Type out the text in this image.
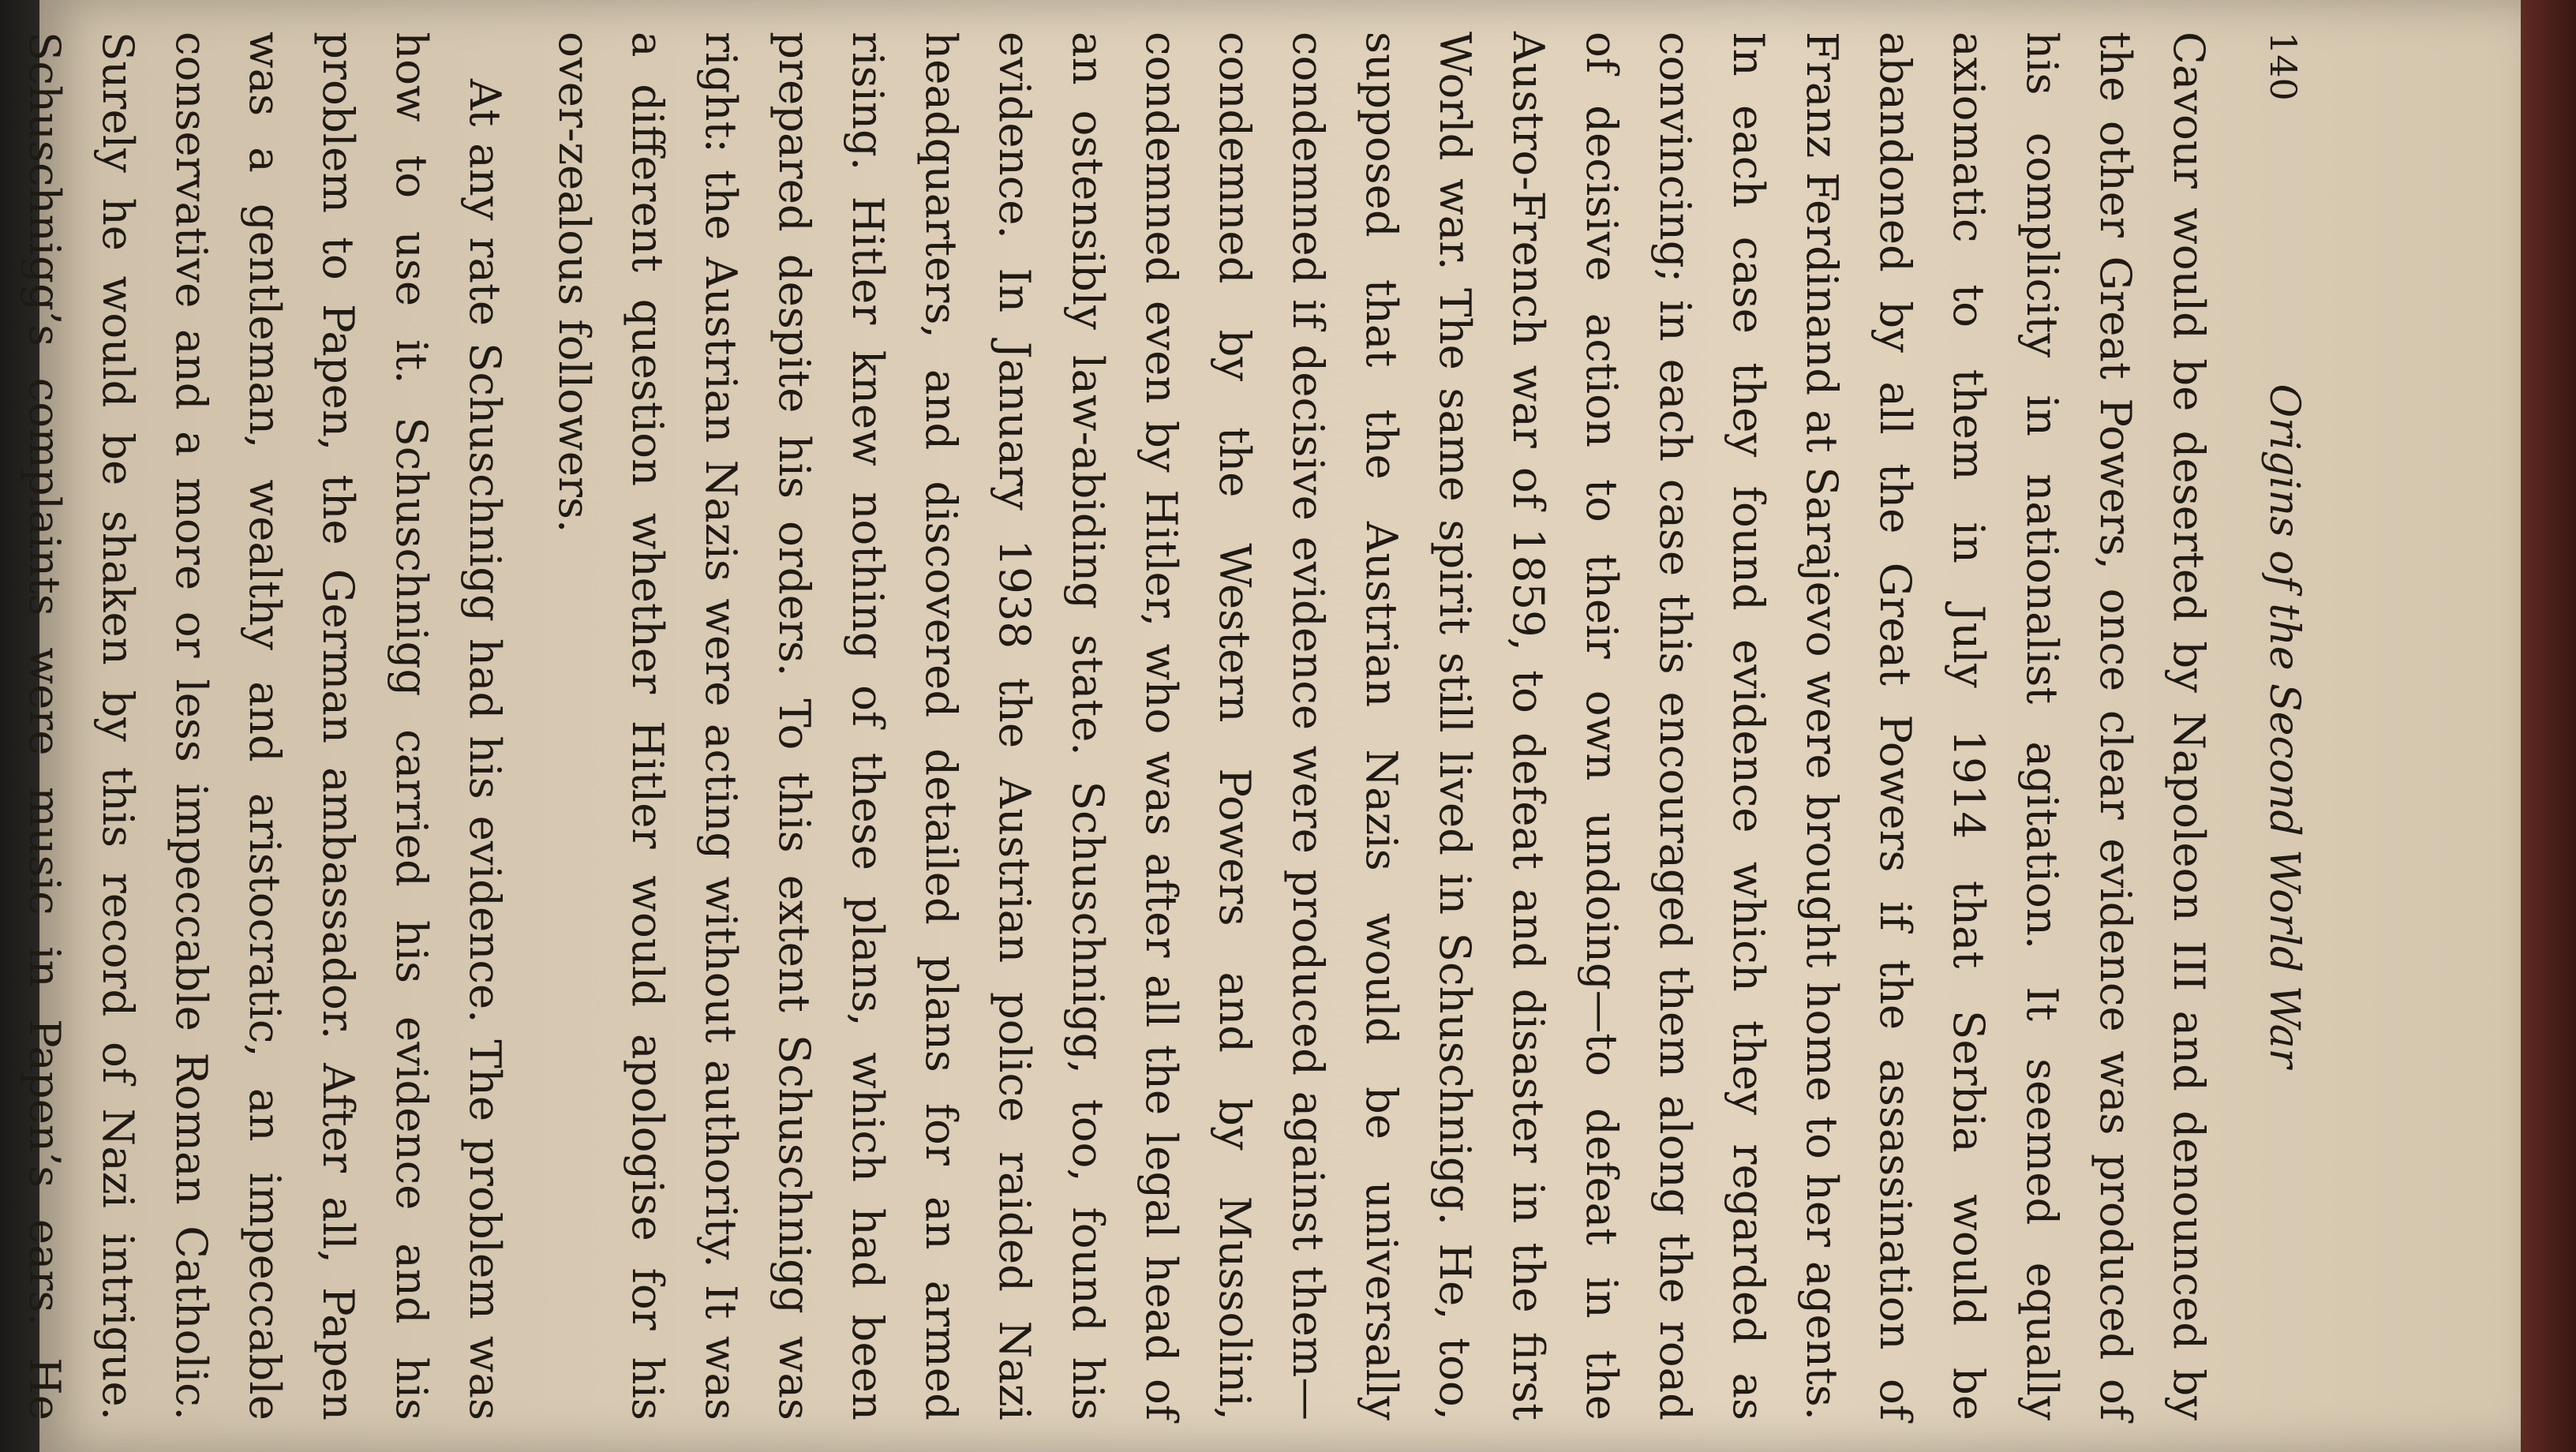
140
Origins of the Second World War

Cavour would be deserted by Napoleon III and denounced by the other Great Powers, once clear evidence was produced of his complicity in nationalist agitation. It seemed equally axiomatic to them in July 1914 that Serbia would be abandoned by all the Great Powers if the assassination of Franz Ferdinand at Sarajevo were brought home to her agents. In each case they found evidence which they regarded as convincing; in each case this encouraged them along the road of decisive action to their own undoing—to defeat in the Austro-French war of 1859, to defeat and disaster in the first World war. The same spirit still lived in Schuschnigg. He, too, supposed that the Austrian Nazis would be universally condemned if decisive evidence were produced against them—condemned by the Western Powers and by Mussolini, condemned even by Hitler, who was after all the legal head of an ostensibly law-abiding state. Schuschnigg, too, found his evidence. In January 1938 the Austrian police raided Nazi headquarters, and discovered detailed plans for an armed rising. Hitler knew nothing of these plans, which had been prepared despite his orders. To this extent Schuschnigg was right: the Austrian Nazis were acting without authority. It was a different question whether Hitler would apologise for his over-zealous followers.

At any rate Schuschnigg had his evidence. The problem was how to use it. Schuschnigg carried his evidence and his problem to Papen, the German ambassador. After all, Papen was a gentleman, wealthy and aristocratic, an impeccable conservative and a more or less impeccable Roman Catholic. Surely he would be shaken by this record of Nazi intrigue. Schuschnigg’s complaints were music in Papen’s ears. He
